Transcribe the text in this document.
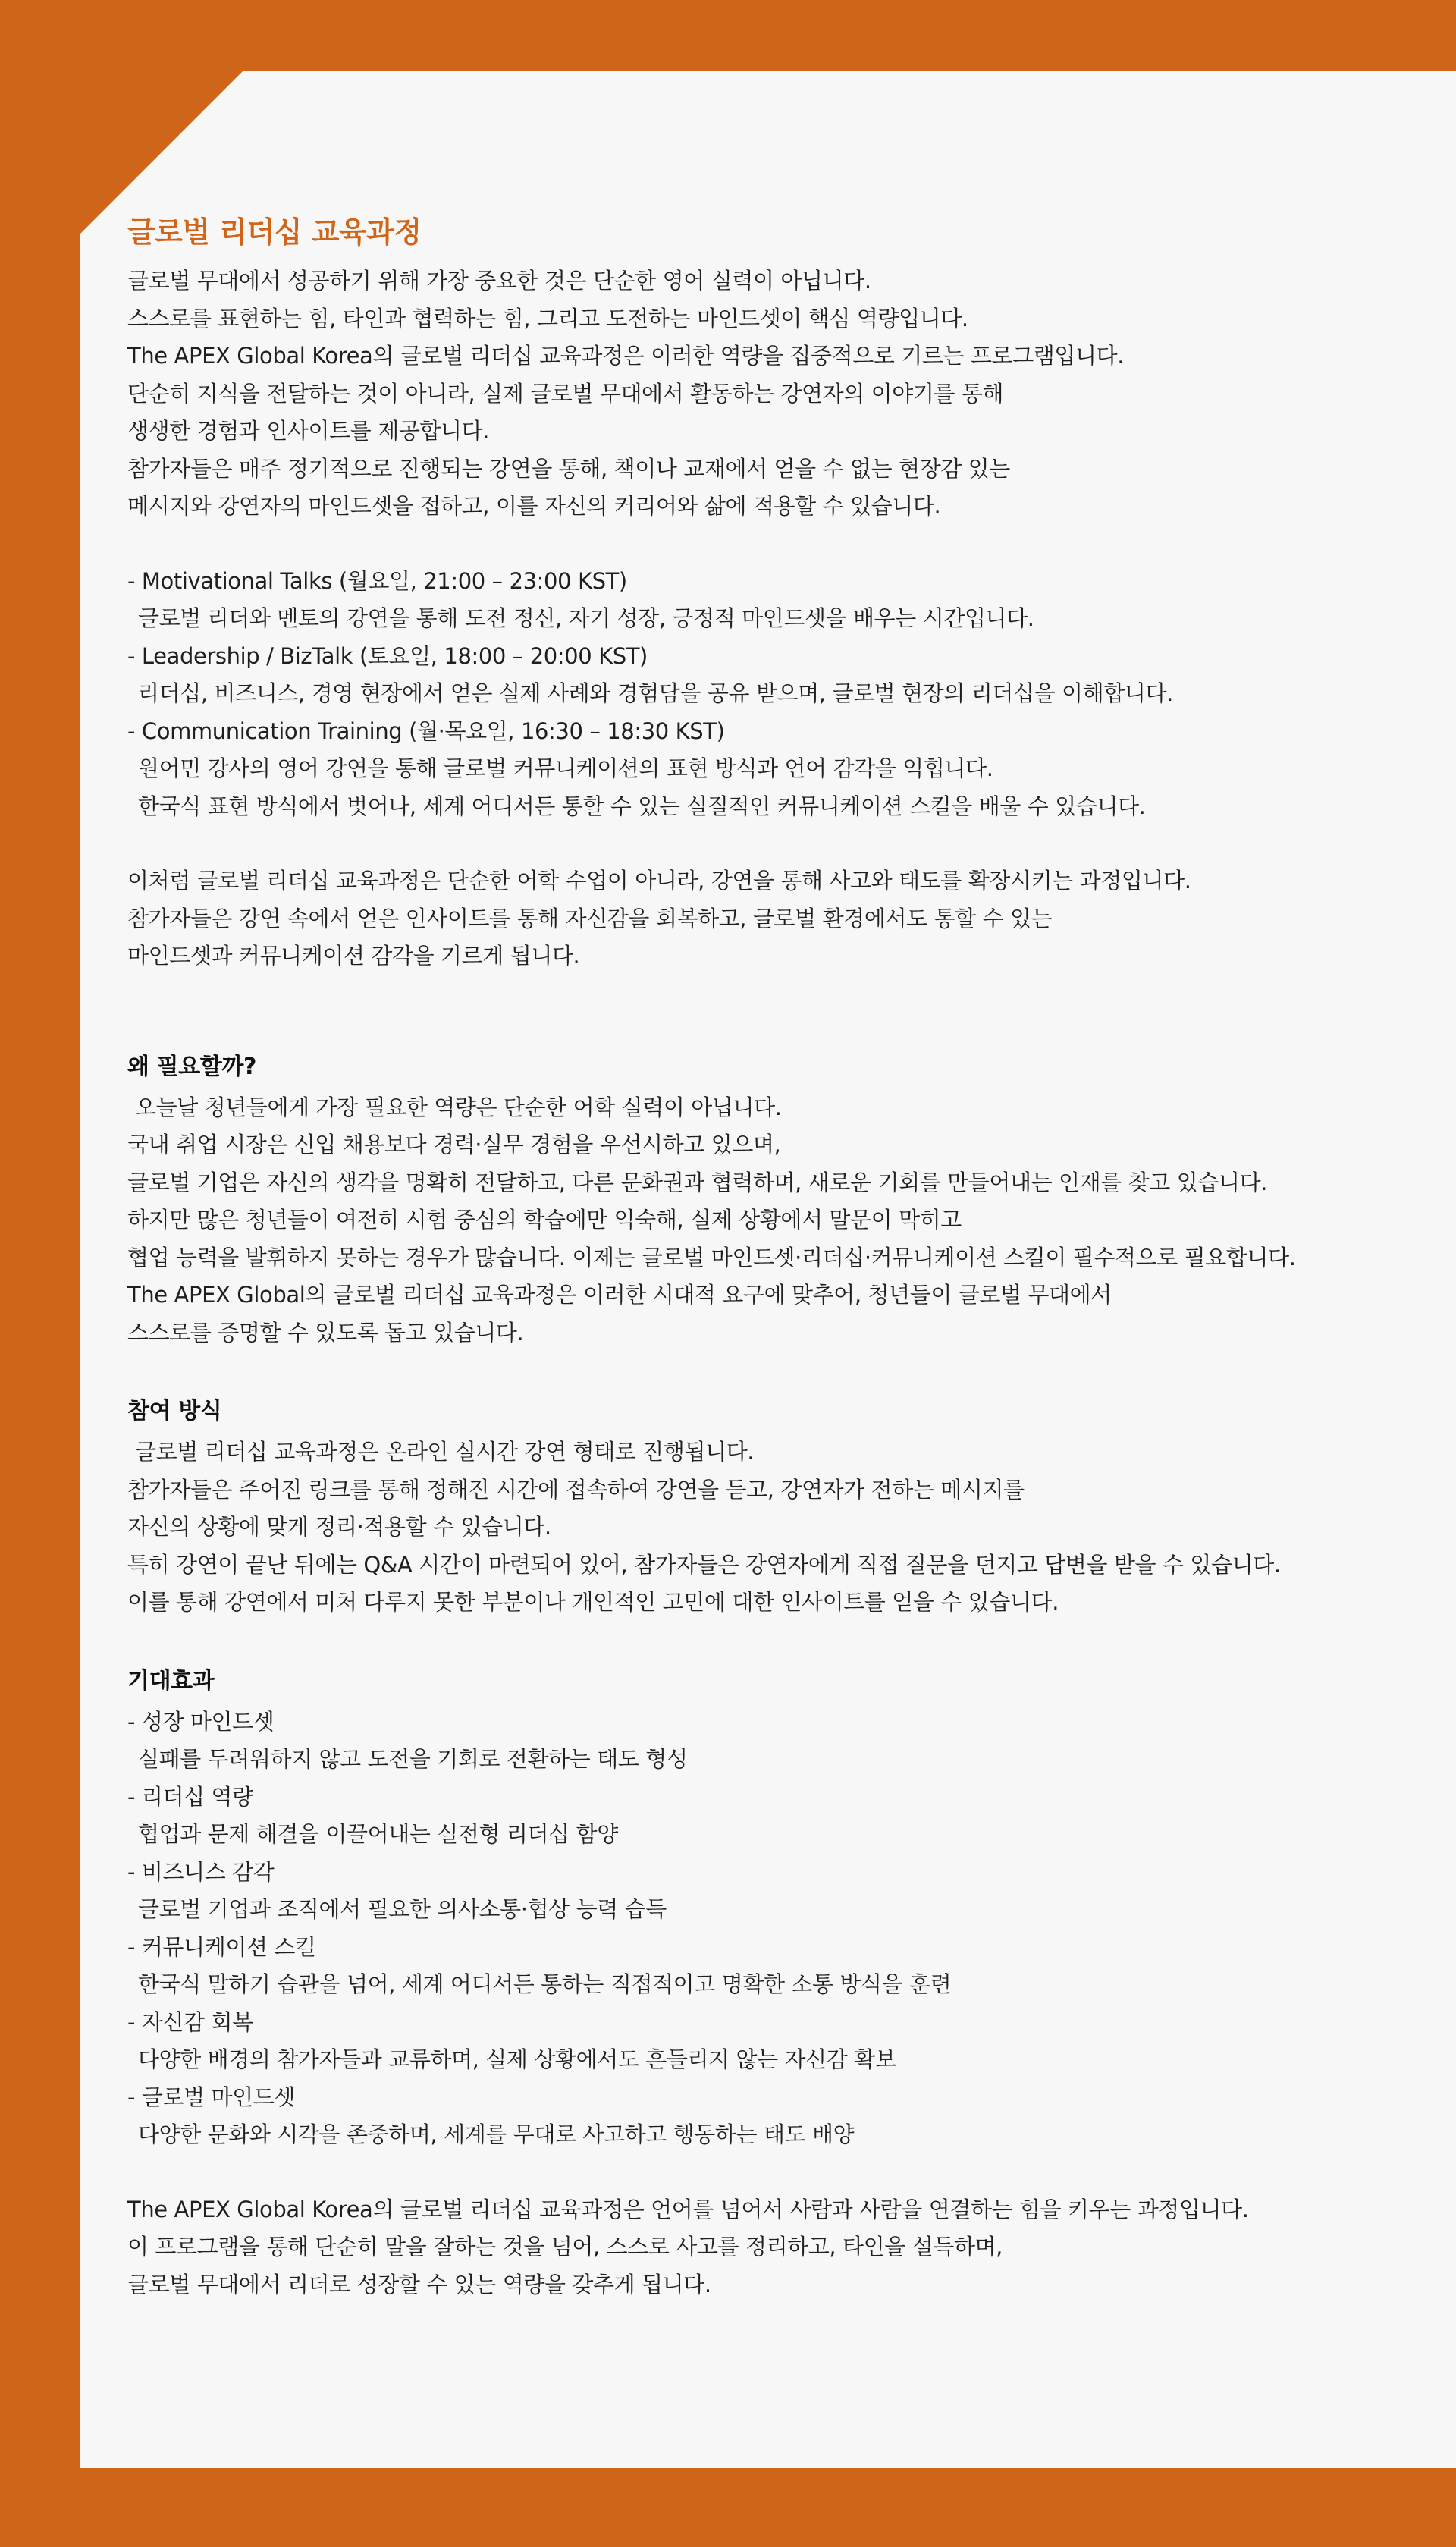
글로벌 리더십 교육과정

글로벌 무대에서 성공하기 위해 가장 중요한 것은 단순한 영어 실력이 아닙니다.

스스로를 표현하는 힘, 타인과 협력하는 힘, 그리고 도전하는 마인드셋이 핵심 역량입니다.

The APEX Global Korea의 글로벌 리더십 교육과정은 이러한 역량을 집중적으로 기르는 프로그램입니다.

단순히 지식을 전달하는 것이 아니라, 실제 글로벌 무대에서 활동하는 강연자의 이야기를 통해

생생한 경험과 인사이트를 제공합니다.

참가자들은 매주 정기적으로 진행되는 강연을 통해, 책이나 교재에서 얻을 수 없는 현장감 있는

메시지와 강연자의 마인드셋을 접하고, 이를 자신의 커리어와 삶에 적용할 수 있습니다.

- Motivational Talks (월요일, 21:00 – 23:00 KST)

글로벌 리더와 멘토의 강연을 통해 도전 정신, 자기 성장, 긍정적 마인드셋을 배우는 시간입니다.

- Leadership / BizTalk (토요일, 18:00 – 20:00 KST)

리더십, 비즈니스, 경영 현장에서 얻은 실제 사례와 경험담을 공유 받으며, 글로벌 현장의 리더십을 이해합니다.

- Communication Training (월·목요일, 16:30 – 18:30 KST)

원어민 강사의 영어 강연을 통해 글로벌 커뮤니케이션의 표현 방식과 언어 감각을 익힙니다.

한국식 표현 방식에서 벗어나, 세계 어디서든 통할 수 있는 실질적인 커뮤니케이션 스킬을 배울 수 있습니다.

이처럼 글로벌 리더십 교육과정은 단순한 어학 수업이 아니라, 강연을 통해 사고와 태도를 확장시키는 과정입니다.

참가자들은 강연 속에서 얻은 인사이트를 통해 자신감을 회복하고, 글로벌 환경에서도 통할 수 있는

마인드셋과 커뮤니케이션 감각을 기르게 됩니다.

왜 필요할까?

오늘날 청년들에게 가장 필요한 역량은 단순한 어학 실력이 아닙니다.

국내 취업 시장은 신입 채용보다 경력·실무 경험을 우선시하고 있으며,

글로벌 기업은 자신의 생각을 명확히 전달하고, 다른 문화권과 협력하며, 새로운 기회를 만들어내는 인재를 찾고 있습니다.

하지만 많은 청년들이 여전히 시험 중심의 학습에만 익숙해, 실제 상황에서 말문이 막히고

협업 능력을 발휘하지 못하는 경우가 많습니다. 이제는 글로벌 마인드셋·리더십·커뮤니케이션 스킬이 필수적으로 필요합니다.

The APEX Global의 글로벌 리더십 교육과정은 이러한 시대적 요구에 맞추어, 청년들이 글로벌 무대에서

스스로를 증명할 수 있도록 돕고 있습니다.

참여 방식

글로벌 리더십 교육과정은 온라인 실시간 강연 형태로 진행됩니다.

참가자들은 주어진 링크를 통해 정해진 시간에 접속하여 강연을 듣고, 강연자가 전하는 메시지를

자신의 상황에 맞게 정리·적용할 수 있습니다.

특히 강연이 끝난 뒤에는 Q&A 시간이 마련되어 있어, 참가자들은 강연자에게 직접 질문을 던지고 답변을 받을 수 있습니다.

이를 통해 강연에서 미처 다루지 못한 부분이나 개인적인 고민에 대한 인사이트를 얻을 수 있습니다.

기대효과

- 성장 마인드셋

실패를 두려워하지 않고 도전을 기회로 전환하는 태도 형성

- 리더십 역량

협업과 문제 해결을 이끌어내는 실전형 리더십 함양

- 비즈니스 감각

글로벌 기업과 조직에서 필요한 의사소통·협상 능력 습득

- 커뮤니케이션 스킬

한국식 말하기 습관을 넘어, 세계 어디서든 통하는 직접적이고 명확한 소통 방식을 훈련

- 자신감 회복

다양한 배경의 참가자들과 교류하며, 실제 상황에서도 흔들리지 않는 자신감 확보

- 글로벌 마인드셋

다양한 문화와 시각을 존중하며, 세계를 무대로 사고하고 행동하는 태도 배양

The APEX Global Korea의 글로벌 리더십 교육과정은 언어를 넘어서 사람과 사람을 연결하는 힘을 키우는 과정입니다.

이 프로그램을 통해 단순히 말을 잘하는 것을 넘어, 스스로 사고를 정리하고, 타인을 설득하며,

글로벌 무대에서 리더로 성장할 수 있는 역량을 갖추게 됩니다.
